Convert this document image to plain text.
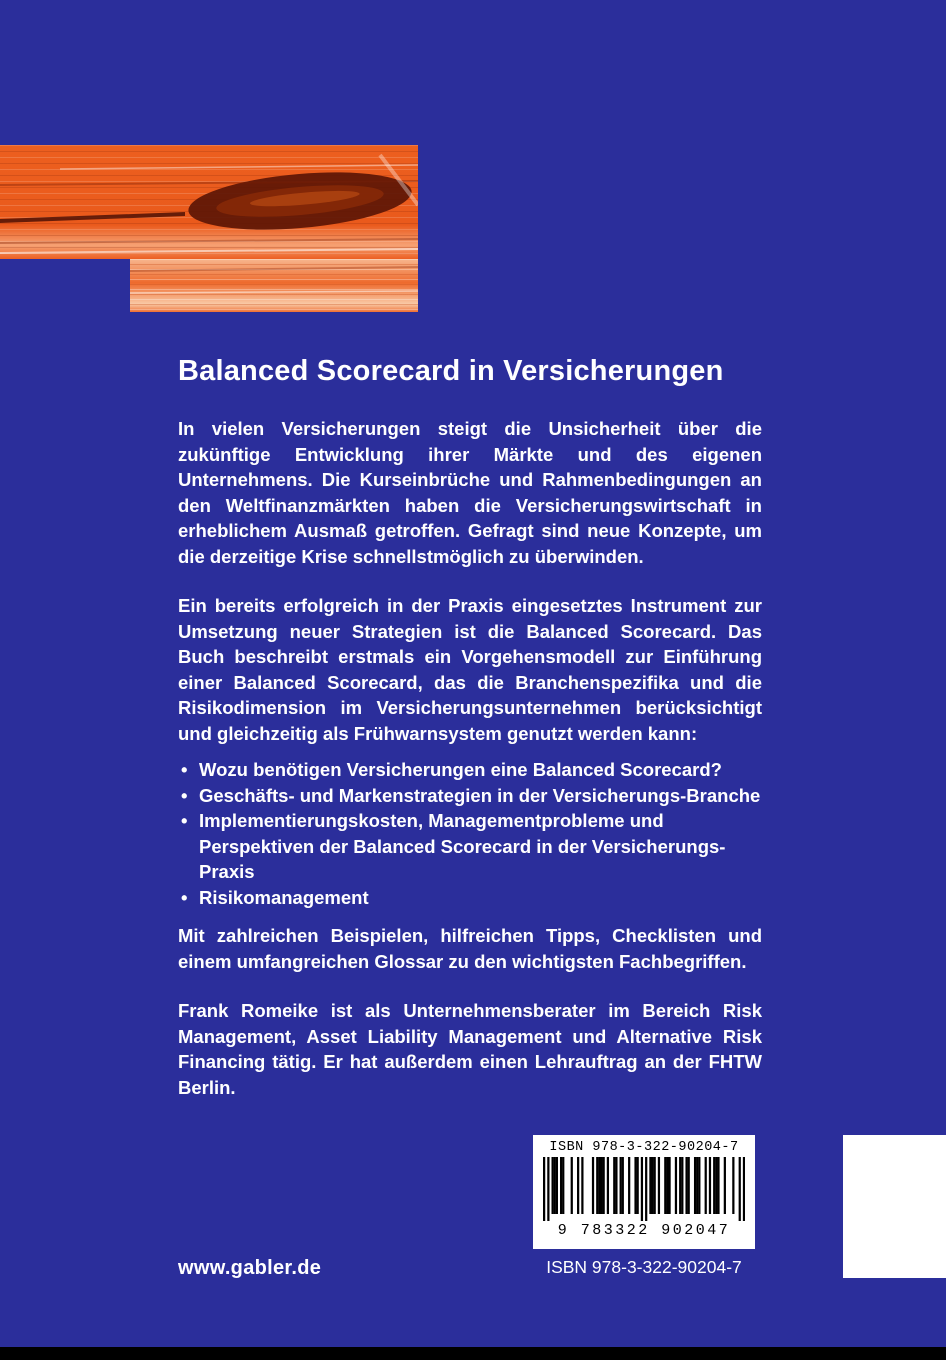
Balanced Scorecard in Versicherungen

In vielen Versicherungen steigt die Unsicherheit über die zukünftige Entwicklung ihrer Märkte und des eigenen Unternehmens. Die Kurseinbrüche und Rahmenbedingungen an den Weltfinanzmärkten haben die Versicherungswirtschaft in erheblichem Ausmaß getroffen. Gefragt sind neue Konzepte, um die derzeitige Krise schnellstmöglich zu überwinden.

Ein bereits erfolgreich in der Praxis eingesetztes Instrument zur Umsetzung neuer Strategien ist die Balanced Scorecard. Das Buch beschreibt erstmals ein Vorgehensmodell zur Einführung einer Balanced Scorecard, das die Branchenspezifika und die Risikodimension im Versicherungsunternehmen berücksichtigt und gleichzeitig als Frühwarnsystem genutzt werden kann:

• Wozu benötigen Versicherungen eine Balanced Scorecard?
• Geschäfts- und Markenstrategien in der Versicherungs-Branche
• Implementierungskosten, Managementprobleme und Perspektiven der Balanced Scorecard in der Versicherungs-Praxis
• Risikomanagement

Mit zahlreichen Beispielen, hilfreichen Tipps, Checklisten und einem umfangreichen Glossar zu den wichtigsten Fachbegriffen.

Frank Romeike ist als Unternehmensberater im Bereich Risk Management, Asset Liability Management und Alternative Risk Financing tätig. Er hat außerdem einen Lehrauftrag an der FHTW Berlin.

www.gabler.de
ISBN 978-3-322-90204-7
9 783322 902047
ISBN 978-3-322-90204-7
